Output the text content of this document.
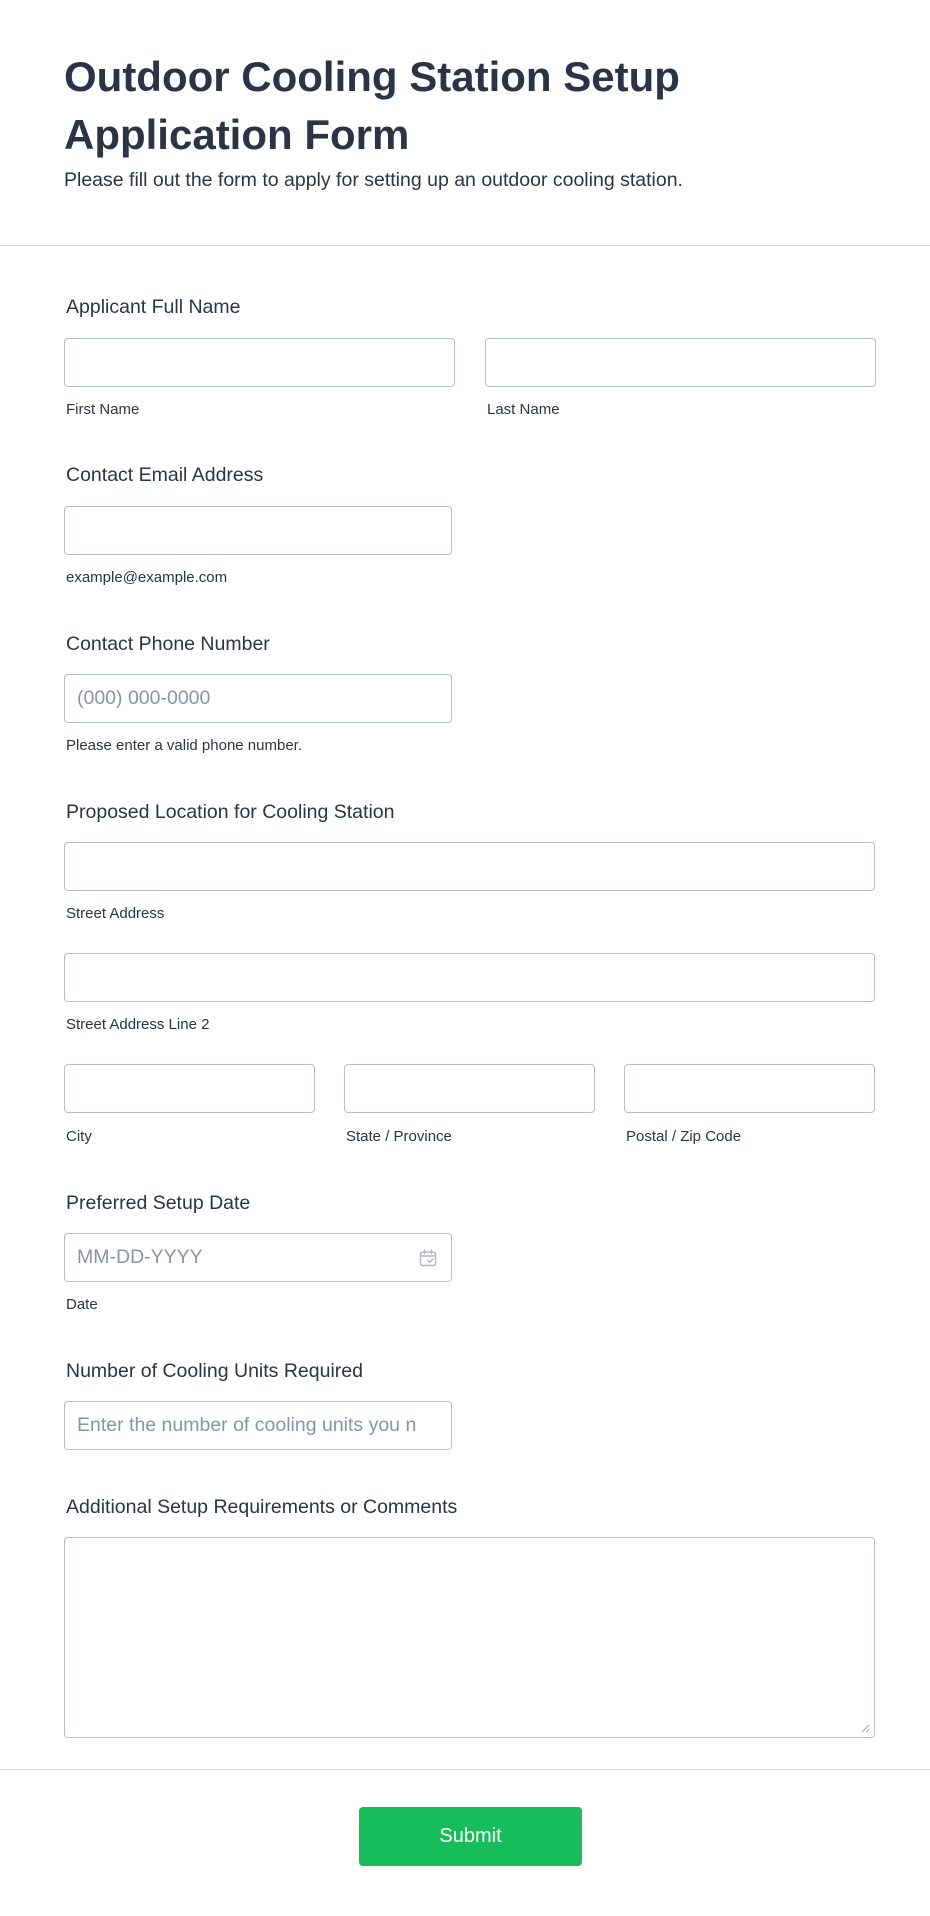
Outdoor Cooling Station Setup Application Form

Please fill out the form to apply for setting up an outdoor cooling station.

Applicant Full Name
First Name	Last Name
Contact Email Address
example@example.com
Contact Phone Number
(000) 000-0000
Please enter a valid phone number.
Proposed Location for Cooling Station
Street Address
Street Address Line 2
City	State / Province	Postal / Zip Code
Preferred Setup Date
MM-DD-YYYY
Date
Number of Cooling Units Required
Enter the number of cooling units you n
Additional Setup Requirements or Comments
Submit
